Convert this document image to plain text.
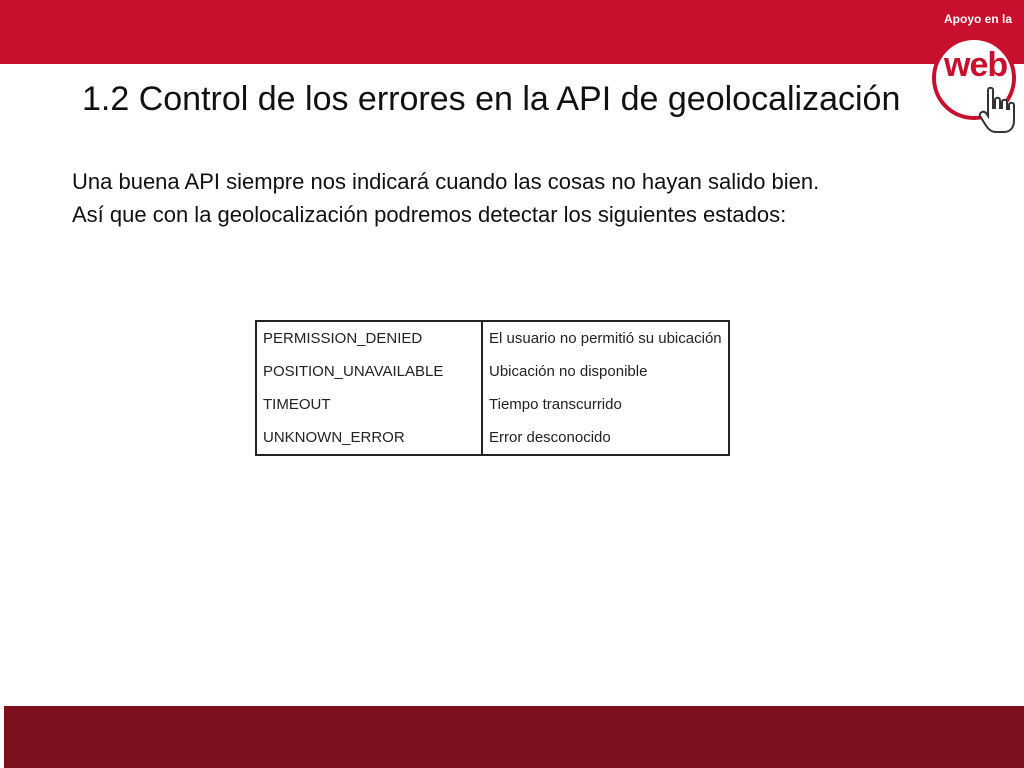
Apoyo en la
web
1.2 Control de los errores en la API de geolocalización

Una buena API siempre nos indicará cuando las cosas no hayan salido bien.

Así que con la geolocalización podremos detectar los siguientes estados:

PERMISSION_DENIED	El usuario no permitió su ubicación
POSITION_UNAVAILABLE	Ubicación no disponible
TIMEOUT	Tiempo transcurrido
UNKNOWN_ERROR	Error desconocido
